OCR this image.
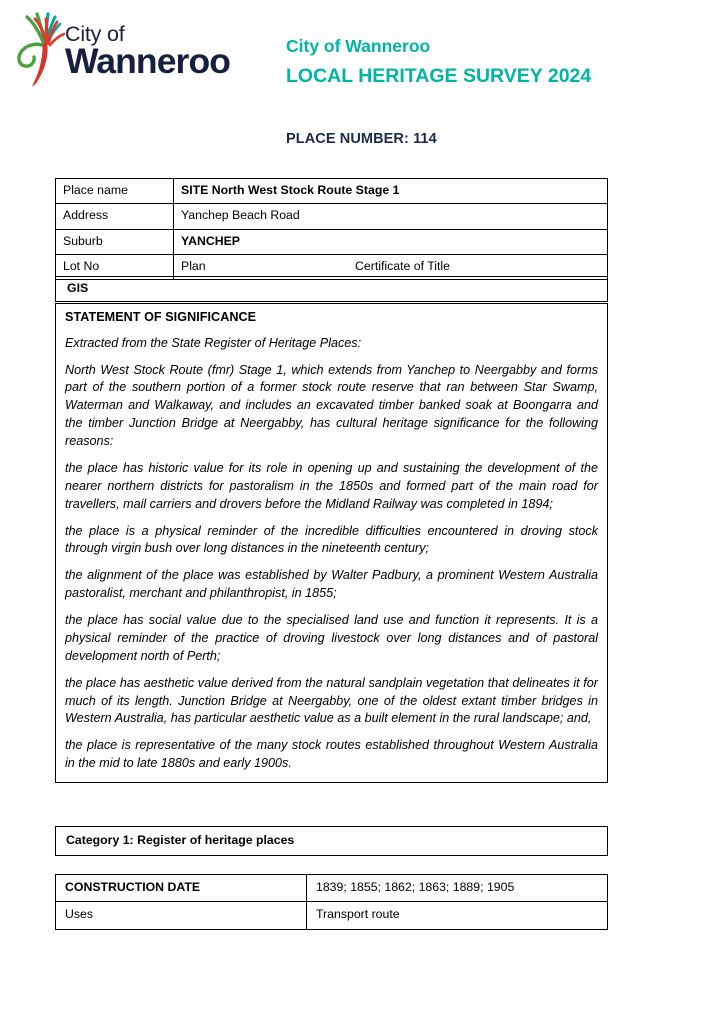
City of
Wanneroo	City of Wanneroo
LOCAL HERITAGE SURVEY 2024
PLACE NUMBER: 114
Place name	SITE North West Stock Route Stage 1
Address	Yanchep Beach Road
Suburb	YANCHEP
Lot No	Plan Certificate of Title
GIS

STATEMENT OF SIGNIFICANCE

Extracted from the State Register of Heritage Places:

North West Stock Route (fmr) Stage 1, which extends from Yanchep to Neergabby and forms part of the southern portion of a former stock route reserve that ran between Star Swamp, Waterman and Walkaway, and includes an excavated timber banked soak at Boongarra and the timber Junction Bridge at Neergabby, has cultural heritage significance for the following reasons:

the place has historic value for its role in opening up and sustaining the development of the nearer northern districts for pastoralism in the 1850s and formed part of the main road for travellers, mail carriers and drovers before the Midland Railway was completed in 1894;

the place is a physical reminder of the incredible difficulties encountered in droving stock through virgin bush over long distances in the nineteenth century;

the alignment of the place was established by Walter Padbury, a prominent Western Australia pastoralist, merchant and philanthropist, in 1855;

the place has social value due to the specialised land use and function it represents. It is a physical reminder of the practice of droving livestock over long distances and of pastoral development north of Perth;

the place has aesthetic value derived from the natural sandplain vegetation that delineates it for much of its length. Junction Bridge at Neergabby, one of the oldest extant timber bridges in Western Australia, has particular aesthetic value as a built element in the rural landscape; and,

the place is representative of the many stock routes established throughout Western Australia in the mid to late 1880s and early 1900s.

Category 1: Register of heritage places
CONSTRUCTION DATE	1839; 1855; 1862; 1863; 1889; 1905
Uses	Transport route
